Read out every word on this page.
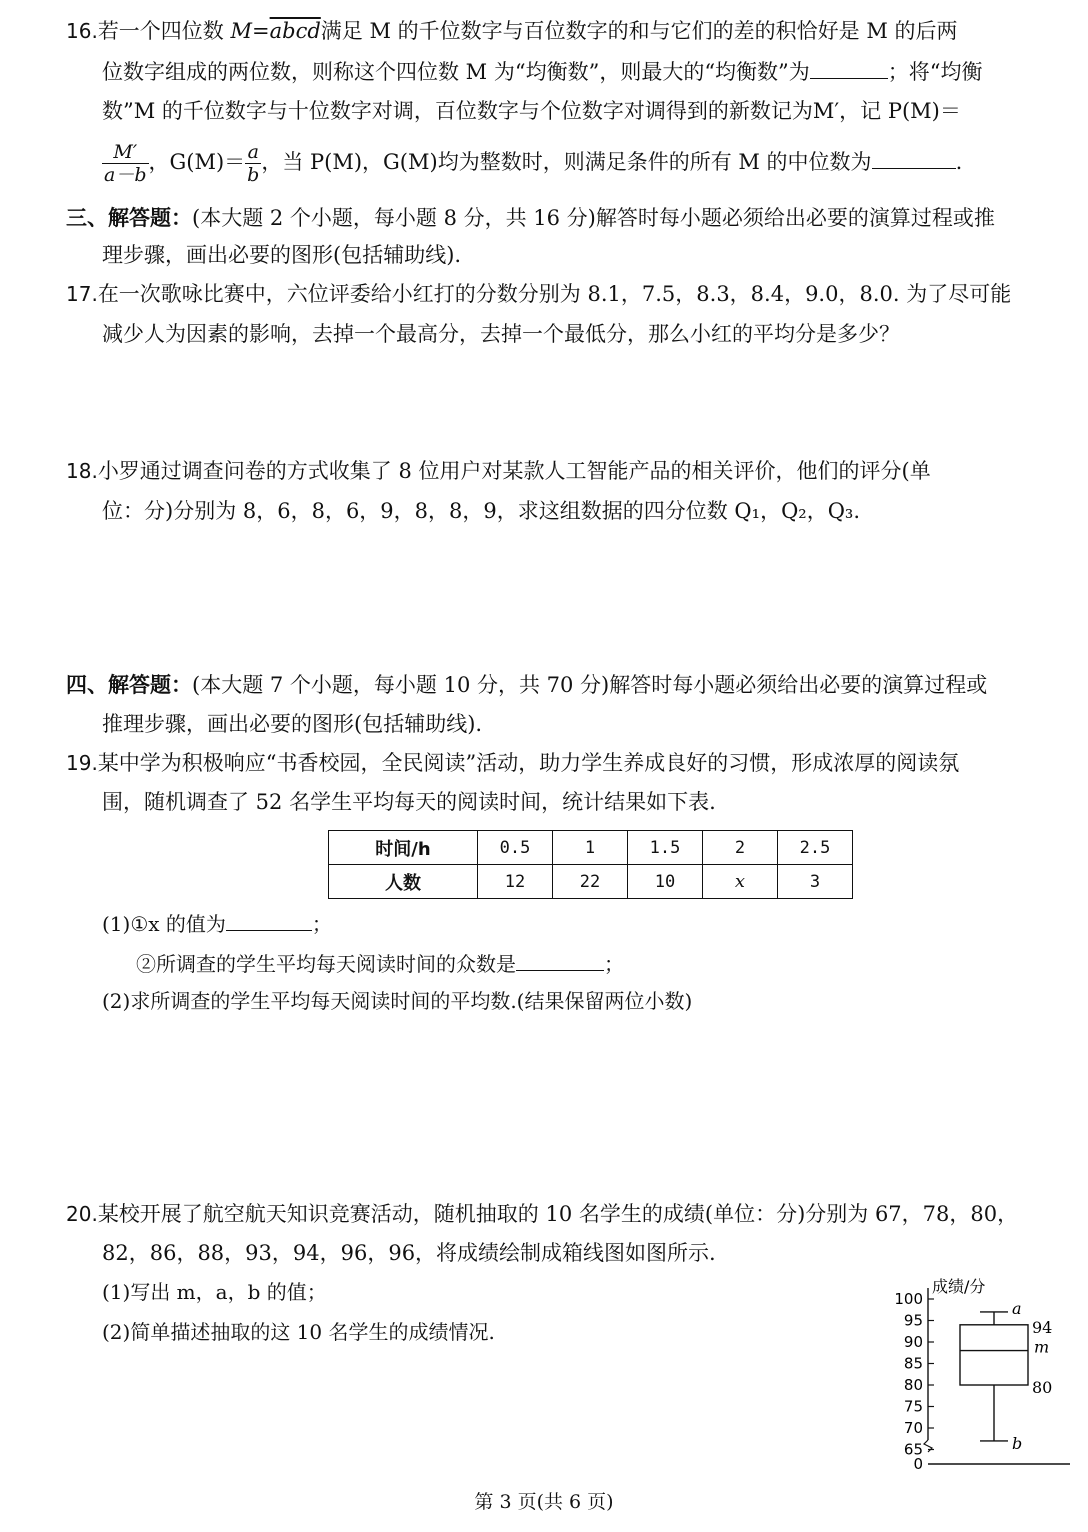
16.若一个四位数 M=abcd满足 M 的千位数字与百位数字的和与它们的差的积恰好是 M 的后两
位数字组成的两位数，则称这个四位数 M 为“均衡数”，则最大的“均衡数”为	；将“均衡
数”M 的千位数字与十位数字对调，百位数字与个位数字对调得到的新数记为M′，记 P(M)＝
$\frac{M'}{a-b}$ ，$G(M)= \frac{a}{b}$ ，当 P(M)，G(M)均为整数时，则满足条件的所有 M 的中位数为	.
三、解答题：(本大题 2 个小题，每小题 8 分，共 16 分)解答时每小题必须给出必要的演算过程或推
理步骤，画出必要的图形(包括辅助线).
17.在一次歌咏比赛中，六位评委给小红打的分数分别为 8.1，7.5，8.3，8.4，9.0，8.0. 为了尽可能
减少人为因素的影响，去掉一个最高分，去掉一个最低分，那么小红的平均分是多少？
18.小罗通过调查问卷的方式收集了 8 位用户对某款人工智能产品的相关评价，他们的评分(单
位：分)分别为 8，6，8，6，9，8，8，9，求这组数据的四分位数 Q₁，Q₂，Q₃.
四、解答题：(本大题 7 个小题，每小题 10 分，共 70 分)解答时每小题必须给出必要的演算过程或
推理步骤，画出必要的图形(包括辅助线).
19.某中学为积极响应“书香校园，全民阅读”活动，助力学生养成良好的习惯，形成浓厚的阅读氛
围，随机调查了 52 名学生平均每天的阅读时间，统计结果如下表.
时间/h	0.5	1	1.5	2	2.5
人数	12	22	10	x	3
(1)①x 的值为	；
②所调查的学生平均每天阅读时间的众数是	；
(2)求所调查的学生平均每天阅读时间的平均数.(结果保留两位小数)
20.某校开展了航空航天知识竞赛活动，随机抽取的 10 名学生的成绩(单位：分)分别为 67，78，80，
82，86，88，93，94，96，96，将成绩绘制成箱线图如图所示.
(1)写出 m，a，b 的值；
(2)简单描述抽取的这 10 名学生的成绩情况.
成绩/分
100
95
90
85
80
75
70
65
0
a
94
m
80
b
第 3 页(共 6 页)
